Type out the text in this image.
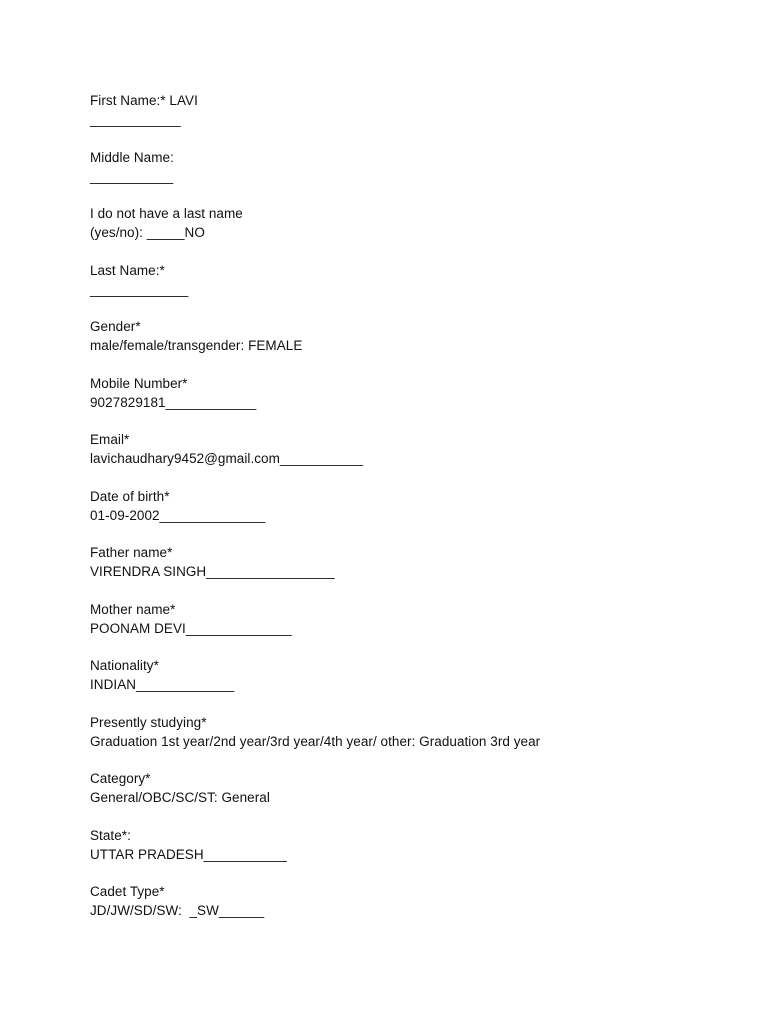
First Name:* LAVI
____________
Middle Name:
___________
I do not have a last name
(yes/no): _____NO
Last Name:*
_____________
Gender*
male/female/transgender: FEMALE
Mobile Number*
9027829181____________
Email*
lavichaudhary9452@gmail.com___________
Date of birth*
01-09-2002______________
Father name*
VIRENDRA SINGH_________________
Mother name*
POONAM DEVI______________
Nationality*
INDIAN_____________
Presently studying*
Graduation 1st year/2nd year/3rd year/4th year/ other: Graduation 3rd year
Category*
General/OBC/SC/ST: General
State*:
UTTAR PRADESH___________
Cadet Type*
JD/JW/SD/SW:  _SW______
